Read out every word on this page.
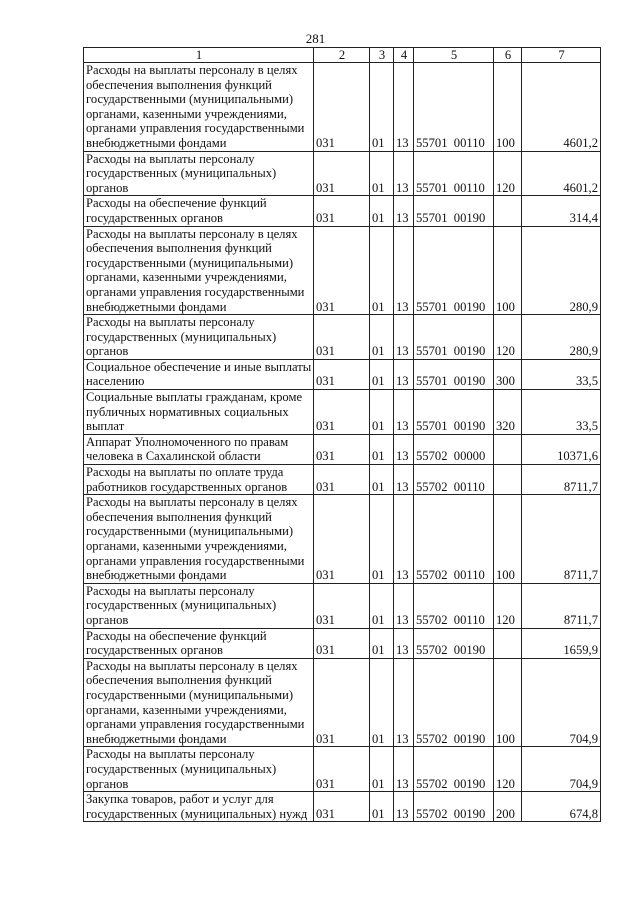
281
1	2	3	4	5	6	7
Расходы на выплаты персоналу в целях обеспечения выполнения функций государственными (муниципальными) органами, казенными учреждениями, органами управления государственными внебюджетными фондами	031	01	13	55701  00110	100	4601,2
Расходы на выплаты персоналу государственных (муниципальных) органов	031	01	13	55701  00110	120	4601,2
Расходы на обеспечение функций государственных органов	031	01	13	55701  00190		314,4
Расходы на выплаты персоналу в целях обеспечения выполнения функций государственными (муниципальными) органами, казенными учреждениями, органами управления государственными внебюджетными фондами	031	01	13	55701  00190	100	280,9
Расходы на выплаты персоналу государственных (муниципальных) органов	031	01	13	55701  00190	120	280,9
Социальное обеспечение и иные выплаты населению	031	01	13	55701  00190	300	33,5
Социальные выплаты гражданам, кроме публичных нормативных социальных выплат	031	01	13	55701  00190	320	33,5
Аппарат Уполномоченного по правам человека в Сахалинской области	031	01	13	55702  00000		10371,6
Расходы на выплаты по оплате труда работников государственных органов	031	01	13	55702  00110		8711,7
Расходы на выплаты персоналу в целях обеспечения выполнения функций государственными (муниципальными) органами, казенными учреждениями, органами управления государственными внебюджетными фондами	031	01	13	55702  00110	100	8711,7
Расходы на выплаты персоналу государственных (муниципальных) органов	031	01	13	55702  00110	120	8711,7
Расходы на обеспечение функций государственных органов	031	01	13	55702  00190		1659,9
Расходы на выплаты персоналу в целях обеспечения выполнения функций государственными (муниципальными) органами, казенными учреждениями, органами управления государственными внебюджетными фондами	031	01	13	55702  00190	100	704,9
Расходы на выплаты персоналу государственных (муниципальных) органов	031	01	13	55702  00190	120	704,9
Закупка товаров, работ и услуг для государственных (муниципальных) нужд	031	01	13	55702  00190	200	674,8
